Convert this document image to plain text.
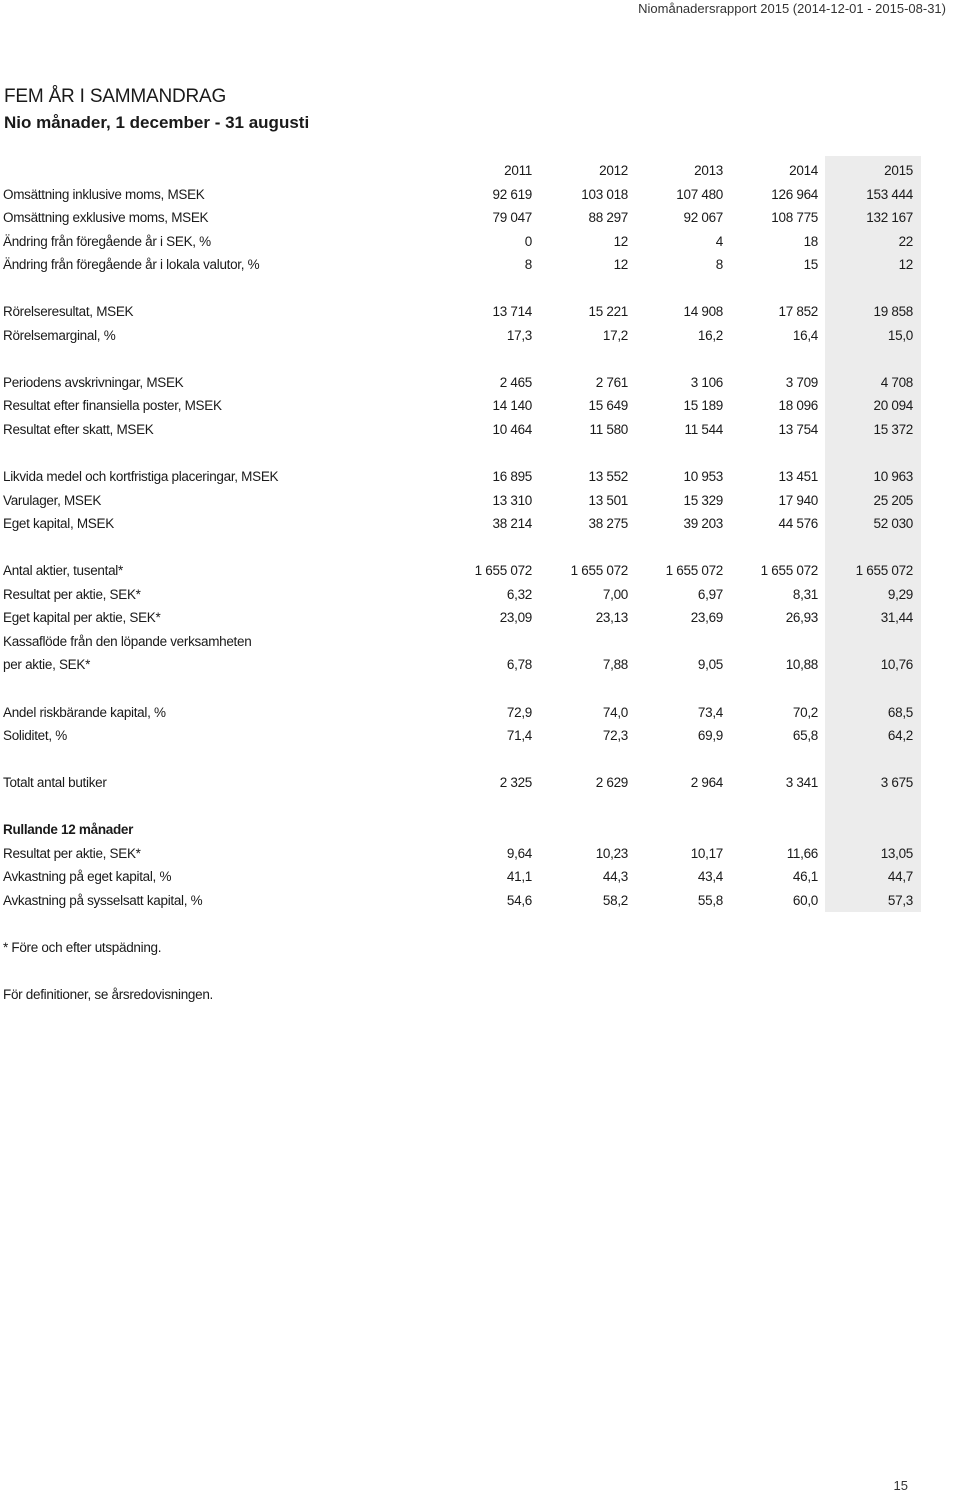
Niomånadersrapport 2015 (2014-12-01 - 2015-08-31)
FEM ÅR I SAMMANDRAG
Nio månader, 1 december - 31 augusti
2011	2012	2013	2014	2015
Omsättning inklusive moms, MSEK	92 619	103 018	107 480	126 964	153 444
Omsättning exklusive moms, MSEK	79 047	88 297	92 067	108 775	132 167
Ändring från föregående år i SEK, %	0	12	4	18	22
Ändring från föregående år i lokala valutor, %	8	12	8	15	12
Rörelseresultat, MSEK	13 714	15 221	14 908	17 852	19 858
Rörelsemarginal, %	17,3	17,2	16,2	16,4	15,0
Periodens avskrivningar, MSEK	2 465	2 761	3 106	3 709	4 708
Resultat efter finansiella poster, MSEK	14 140	15 649	15 189	18 096	20 094
Resultat efter skatt, MSEK	10 464	11 580	11 544	13 754	15 372
Likvida medel och kortfristiga placeringar, MSEK	16 895	13 552	10 953	13 451	10 963
Varulager, MSEK	13 310	13 501	15 329	17 940	25 205
Eget kapital, MSEK	38 214	38 275	39 203	44 576	52 030
Antal aktier, tusental*	1 655 072	1 655 072	1 655 072	1 655 072	1 655 072
Resultat per aktie, SEK*	6,32	7,00	6,97	8,31	9,29
Eget kapital per aktie, SEK*	23,09	23,13	23,69	26,93	31,44
Kassaflöde från den löpande verksamheten
per aktie, SEK*	6,78	7,88	9,05	10,88	10,76
Andel riskbärande kapital, %	72,9	74,0	73,4	70,2	68,5
Soliditet, %	71,4	72,3	69,9	65,8	64,2
Totalt antal butiker	2 325	2 629	2 964	3 341	3 675
Rullande 12 månader
Resultat per aktie, SEK*	9,64	10,23	10,17	11,66	13,05
Avkastning på eget kapital, %	41,1	44,3	43,4	46,1	44,7
Avkastning på sysselsatt kapital, %	54,6	58,2	55,8	60,0	57,3
* Före och efter utspädning.
För definitioner, se årsredovisningen.
15
